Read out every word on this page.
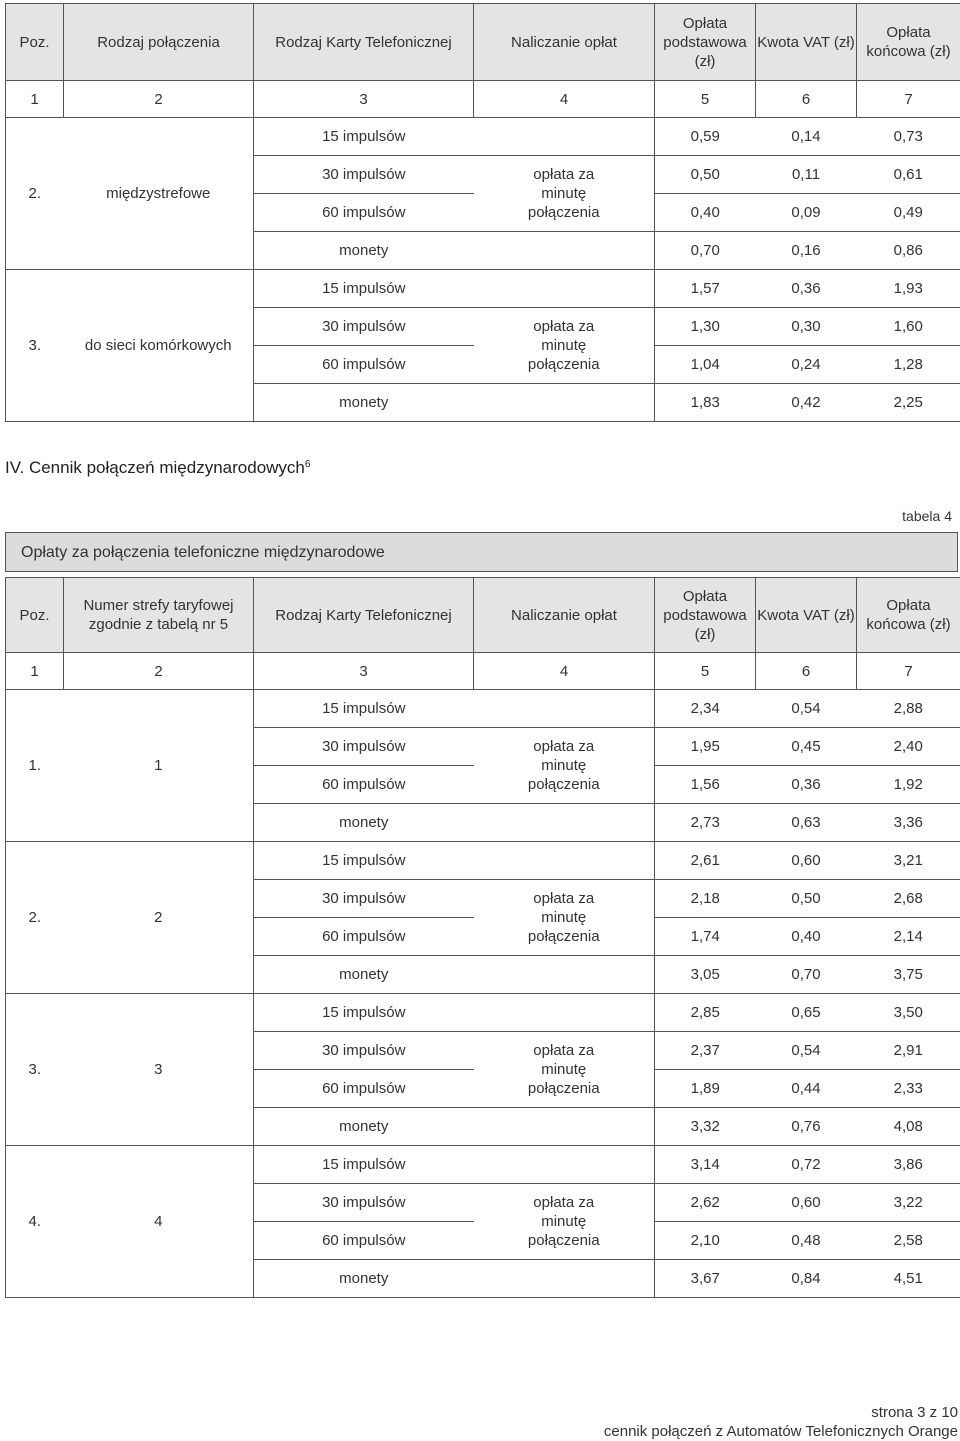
Poz.	Rodzaj połączenia	Rodzaj Karty Telefonicznej	Naliczanie opłat	Opłata podstawowa (zł)	Kwota VAT (zł)	Opłata końcowa (zł)
1	2	3	4	5	6	7
2.	międzystrefowe	15 impulsów		0,59	0,14	0,73
		30 impulsów	opłata za minutę połączenia	0,50	0,11	0,61
		60 impulsów		0,40	0,09	0,49
		monety		0,70	0,16	0,86
3.	do sieci komórkowych	15 impulsów		1,57	0,36	1,93
		30 impulsów	opłata za minutę połączenia	1,30	0,30	1,60
		60 impulsów		1,04	0,24	1,28
		monety		1,83	0,42	2,25
IV. Cennik połączeń międzynarodowych$^6$
tabela 4
Opłaty za połączenia telefoniczne międzynarodowe
Poz.	Numer strefy taryfowej zgodnie z tabelą nr 5	Rodzaj Karty Telefonicznej	Naliczanie opłat	Opłata podstawowa (zł)	Kwota VAT (zł)	Opłata końcowa (zł)
1	2	3	4	5	6	7
1.	1	15 impulsów		2,34	0,54	2,88
		30 impulsów	opłata za minutę połączenia	1,95	0,45	2,40
		60 impulsów		1,56	0,36	1,92
		monety		2,73	0,63	3,36
2.	2	15 impulsów		2,61	0,60	3,21
		30 impulsów	opłata za minutę połączenia	2,18	0,50	2,68
		60 impulsów		1,74	0,40	2,14
		monety		3,05	0,70	3,75
3.	3	15 impulsów		2,85	0,65	3,50
		30 impulsów	opłata za minutę połączenia	2,37	0,54	2,91
		60 impulsów		1,89	0,44	2,33
		monety		3,32	0,76	4,08
4.	4	15 impulsów		3,14	0,72	3,86
		30 impulsów	opłata za minutę połączenia	2,62	0,60	3,22
		60 impulsów		2,10	0,48	2,58
		monety		3,67	0,84	4,51
strona 3 z 10
cennik połączeń z Automatów Telefonicznych Orange
